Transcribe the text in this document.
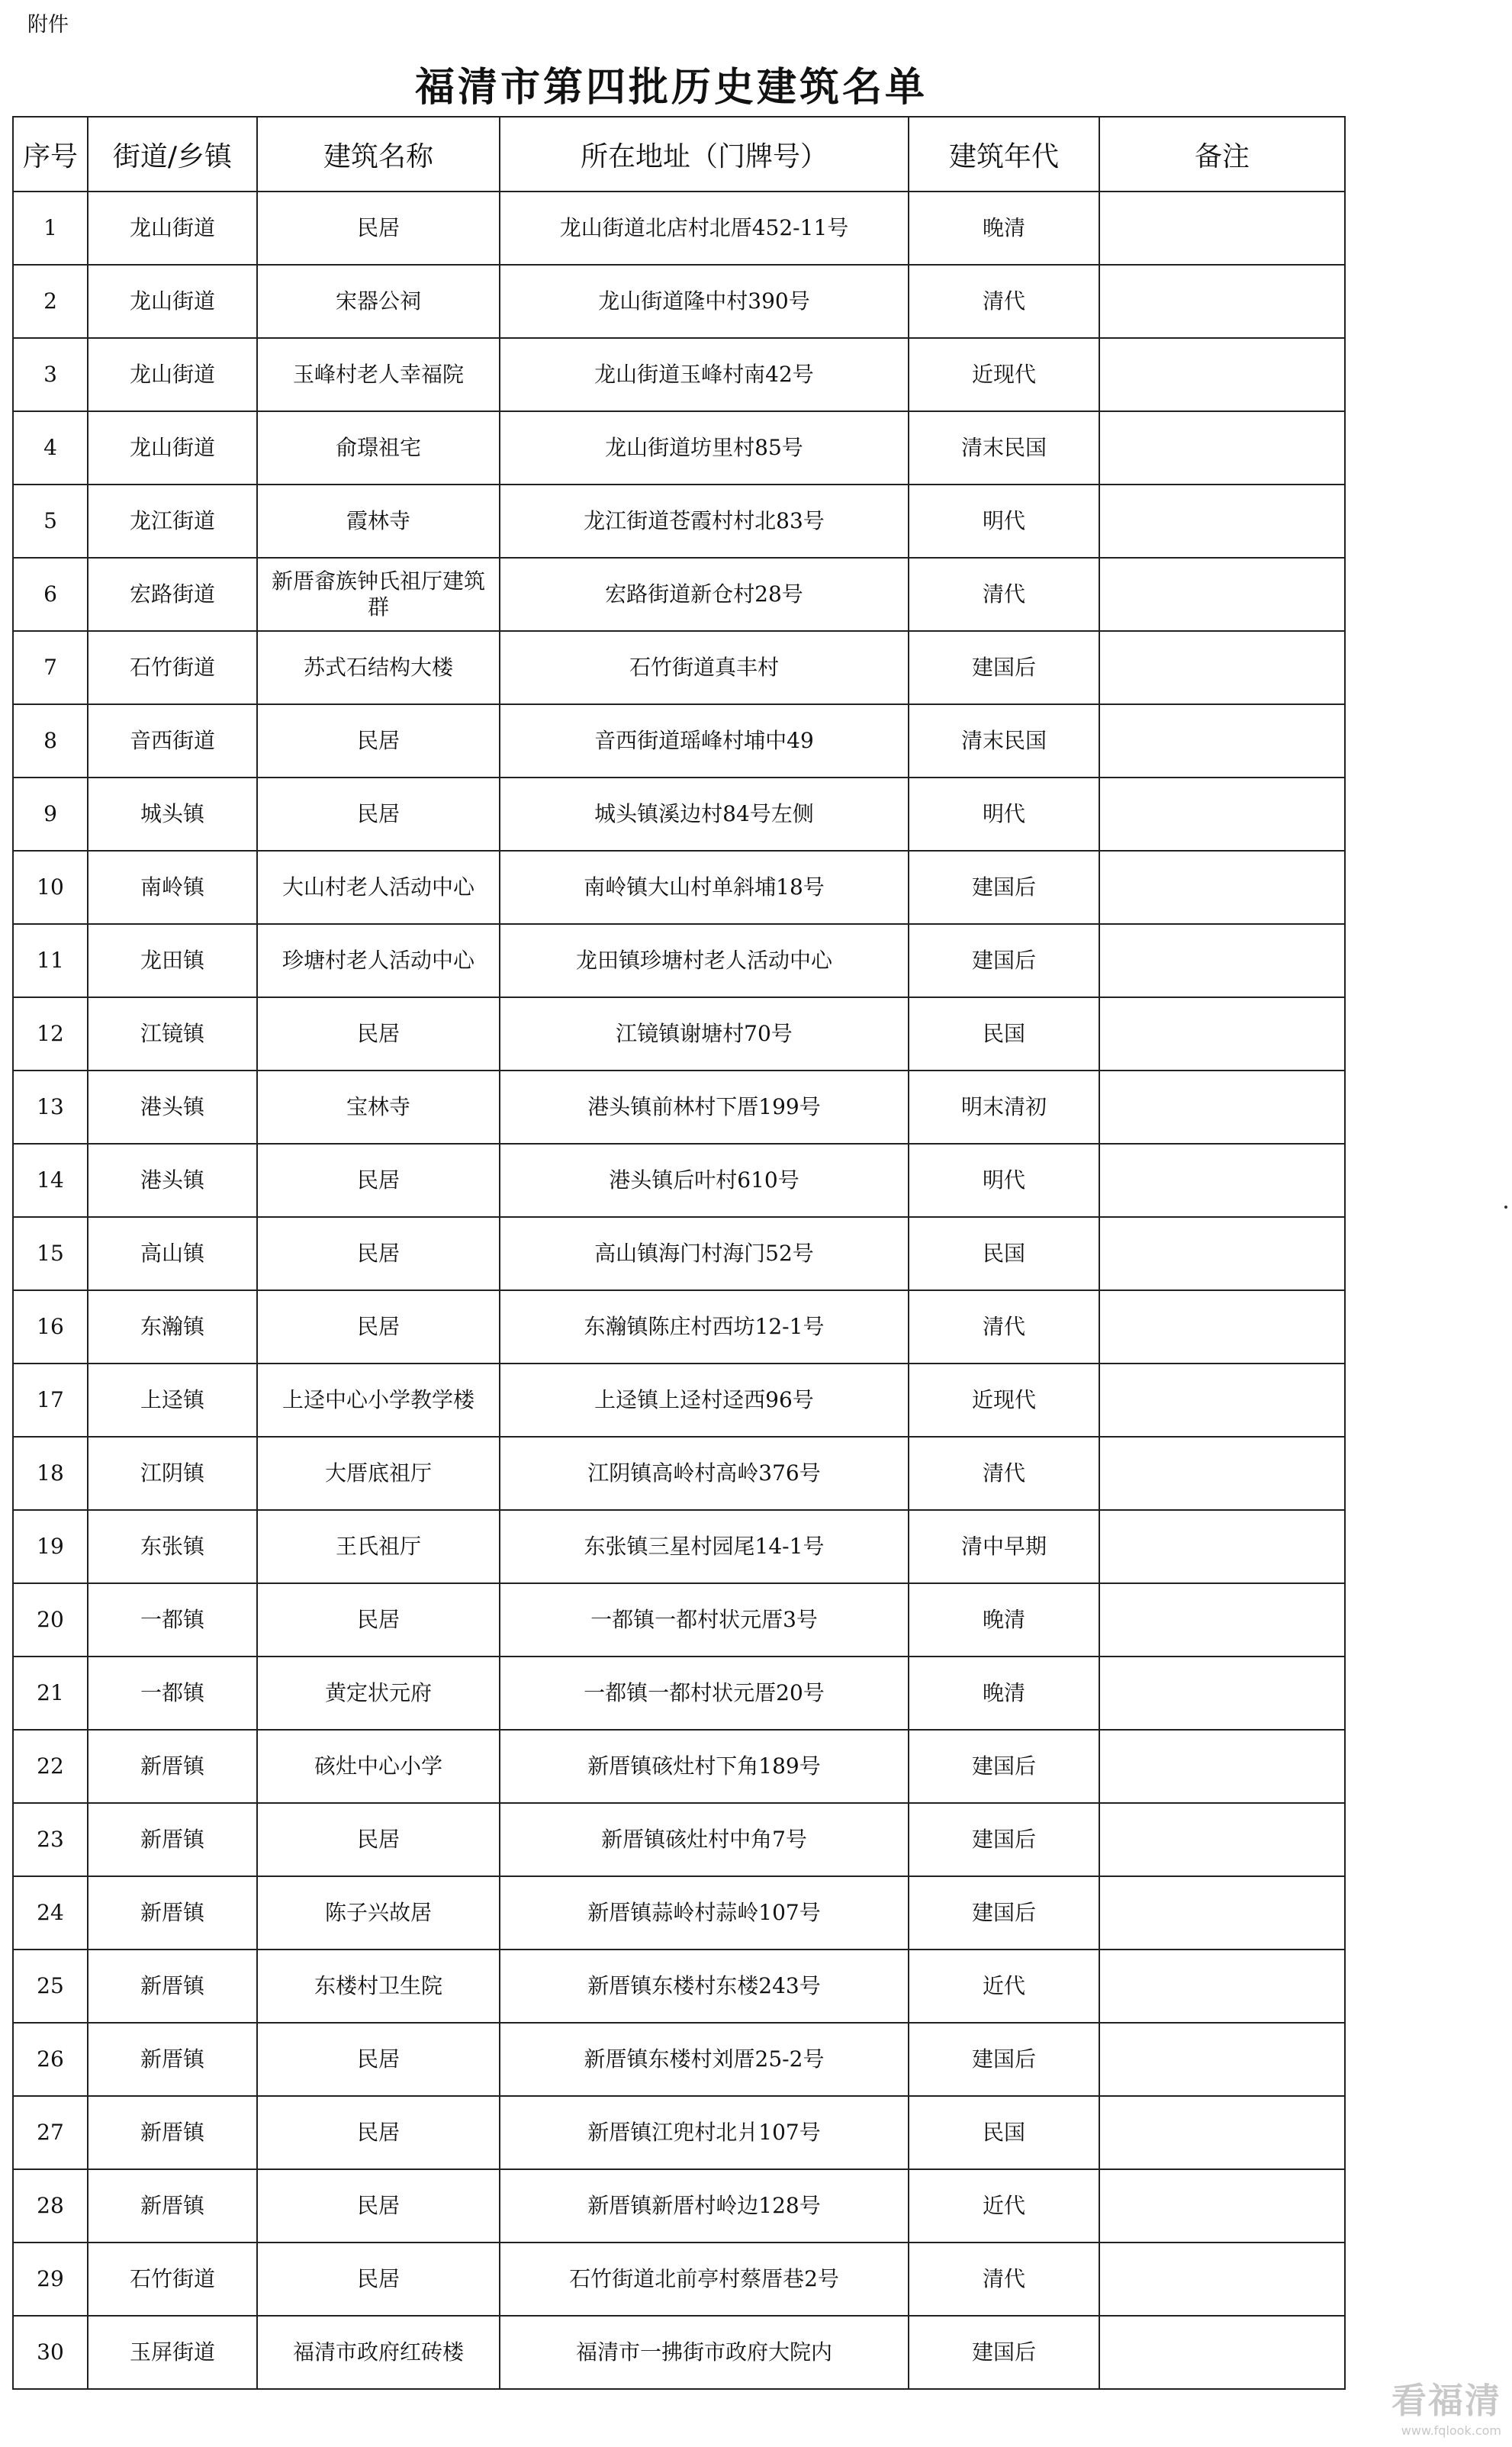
附件
福清市第四批历史建筑名单
序号	街道/乡镇	建筑名称	所在地址（门牌号）	建筑年代	备注
1	龙山街道	民居	龙山街道北店村北厝452-11号	晚清	
2	龙山街道	宋器公祠	龙山街道隆中村390号	清代	
3	龙山街道	玉峰村老人幸福院	龙山街道玉峰村南42号	近现代	
4	龙山街道	俞璟祖宅	龙山街道坊里村85号	清末民国	
5	龙江街道	霞林寺	龙江街道苍霞村村北83号	明代	
6	宏路街道	新厝畲族钟氏祖厅建筑群	宏路街道新仓村28号	清代	
7	石竹街道	苏式石结构大楼	石竹街道真丰村	建国后	
8	音西街道	民居	音西街道瑶峰村埔中49	清末民国	
9	城头镇	民居	城头镇溪边村84号左侧	明代	
10	南岭镇	大山村老人活动中心	南岭镇大山村单斜埔18号	建国后	
11	龙田镇	珍塘村老人活动中心	龙田镇珍塘村老人活动中心	建国后	
12	江镜镇	民居	江镜镇谢塘村70号	民国	
13	港头镇	宝林寺	港头镇前林村下厝199号	明末清初	
14	港头镇	民居	港头镇后叶村610号	明代	
15	高山镇	民居	高山镇海门村海门52号	民国	
16	东瀚镇	民居	东瀚镇陈庄村西坊12-1号	清代	
17	上迳镇	上迳中心小学教学楼	上迳镇上迳村迳西96号	近现代	
18	江阴镇	大厝底祖厅	江阴镇高岭村高岭376号	清代	
19	东张镇	王氏祖厅	东张镇三星村园尾14-1号	清中早期	
20	一都镇	民居	一都镇一都村状元厝3号	晚清	
21	一都镇	黄定状元府	一都镇一都村状元厝20号	晚清	
22	新厝镇	硋灶中心小学	新厝镇硋灶村下角189号	建国后	
23	新厝镇	民居	新厝镇硋灶村中角7号	建国后	
24	新厝镇	陈子兴故居	新厝镇蒜岭村蒜岭107号	建国后	
25	新厝镇	东楼村卫生院	新厝镇东楼村东楼243号	近代	
26	新厝镇	民居	新厝镇东楼村刘厝25-2号	建国后	
27	新厝镇	民居	新厝镇江兜村北爿107号	民国	
28	新厝镇	民居	新厝镇新厝村岭边128号	近代	
29	石竹街道	民居	石竹街道北前亭村蔡厝巷2号	清代	
30	玉屏街道	福清市政府红砖楼	福清市一拂街市政府大院内	建国后	
看福清
www.fqlook.com
